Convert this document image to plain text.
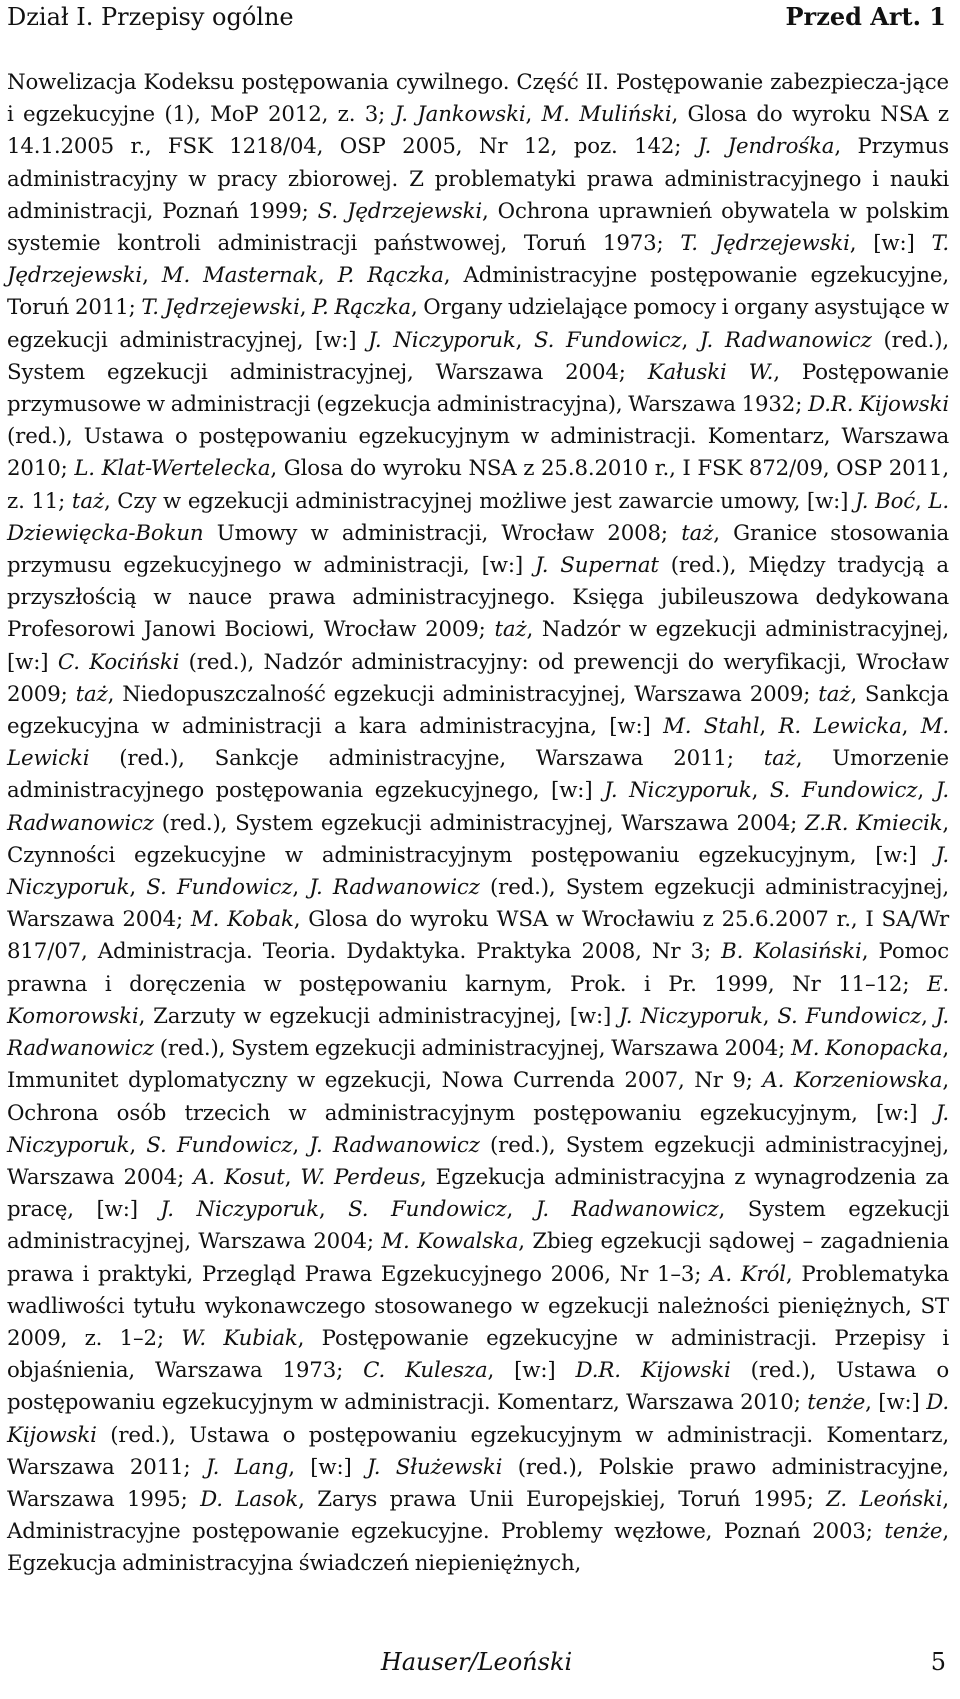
Dział I. Przepisy ogólne	Przed Art. 1
Nowelizacja Kodeksu postępowania cywilnego. Część II. Postępowanie zabezpiecza-jące i egzekucyjne (1), MoP 2012, z. 3; J. Jankowski, M. Muliński, Glosa do wyroku NSA z 14.1.2005 r., FSK 1218/04, OSP 2005, Nr 12, poz. 142; J. Jendrośka, Przymus administracyjny w pracy zbiorowej. Z problematyki prawa administracyjnego i nauki administracji, Poznań 1999; S. Jędrzejewski, Ochrona uprawnień obywatela w polskim systemie kontroli administracji państwowej, Toruń 1973; T. Jędrzejewski, [w:] T. Jędrzejewski, M. Masternak, P. Rączka, Administracyjne postępowanie egzekucyjne, Toruń 2011; T. Jędrzejewski, P. Rączka, Organy udzielające pomocy i organy asystujące w egzekucji administracyjnej, [w:] J. Niczyporuk, S. Fundowicz, J. Radwanowicz (red.), System egzekucji administracyjnej, Warszawa 2004; Kałuski W., Postępowanie przymusowe w administracji (egzekucja administracyjna), Warszawa 1932; D.R. Kijowski (red.), Ustawa o postępowaniu egzekucyjnym w administracji. Komentarz, Warszawa 2010; L. Klat-Wertelecka, Glosa do wyroku NSA z 25.8.2010 r., I FSK 872/09, OSP 2011, z. 11; taż, Czy w egzekucji administracyjnej możliwe jest zawarcie umowy, [w:] J. Boć, L. Dziewięcka-Bokun Umowy w administracji, Wrocław 2008; taż, Granice stosowania przymusu egzekucyjnego w administracji, [w:] J. Supernat (red.), Między tradycją a przyszłością w nauce prawa administracyjnego. Księga jubileuszowa dedykowana Profesorowi Janowi Bociowi, Wrocław 2009; taż, Nadzór w egzekucji administracyjnej, [w:] C. Kociński (red.), Nadzór administracyjny: od prewencji do weryfikacji, Wrocław 2009; taż, Niedopuszczalność egzekucji administracyjnej, Warszawa 2009; taż, Sankcja egzekucyjna w administracji a kara administracyjna, [w:] M. Stahl, R. Lewicka, M. Lewicki (red.), Sankcje administracyjne, Warszawa 2011; taż, Umorzenie administracyjnego postępowania egzekucyjnego, [w:] J. Niczyporuk, S. Fundowicz, J. Radwanowicz (red.), System egzekucji administracyjnej, Warszawa 2004; Z.R. Kmiecik, Czynności egzekucyjne w administracyjnym postępowaniu egzekucyjnym, [w:] J. Niczyporuk, S. Fundowicz, J. Radwanowicz (red.), System egzekucji administracyjnej, Warszawa 2004; M. Kobak, Glosa do wyroku WSA w Wrocławiu z 25.6.2007 r., I SA/Wr 817/07, Administracja. Teoria. Dydaktyka. Praktyka 2008, Nr 3; B. Kolasiński, Pomoc prawna i doręczenia w postępowaniu karnym, Prok. i Pr. 1999, Nr 11–12; E. Komorowski, Zarzuty w egzekucji administracyjnej, [w:] J. Niczyporuk, S. Fundowicz, J. Radwanowicz (red.), System egzekucji administracyjnej, Warszawa 2004; M. Konopacka, Immunitet dyplomatyczny w egzekucji, Nowa Currenda 2007, Nr 9; A. Korzeniowska, Ochrona osób trzecich w administracyjnym postępowaniu egzekucyjnym, [w:] J. Niczyporuk, S. Fundowicz, J. Radwanowicz (red.), System egzekucji administracyjnej, Warszawa 2004; A. Kosut, W. Perdeus, Egzekucja administracyjna z wynagrodzenia za pracę, [w:] J. Niczyporuk, S. Fundowicz, J. Radwanowicz, System egzekucji administracyjnej, Warszawa 2004; M. Kowalska, Zbieg egzekucji sądowej – zagadnienia prawa i praktyki, Przegląd Prawa Egzekucyjnego 2006, Nr 1–3; A. Król, Problematyka wadliwości tytułu wykonawczego stosowanego w egzekucji należności pieniężnych, ST 2009, z. 1–2; W. Kubiak, Postępowanie egzekucyjne w administracji. Przepisy i objaśnienia, Warszawa 1973; C. Kulesza, [w:] D.R. Kijowski (red.), Ustawa o postępowaniu egzekucyjnym w administracji. Komentarz, Warszawa 2010; tenże, [w:] D. Kijowski (red.), Ustawa o postępowaniu egzekucyjnym w administracji. Komentarz, Warszawa 2011; J. Lang, [w:] J. Służewski (red.), Polskie prawo administracyjne, Warszawa 1995; D. Lasok, Zarys prawa Unii Europejskiej, Toruń 1995; Z. Leoński, Administracyjne postępowanie egzekucyjne. Problemy węzłowe, Poznań 2003; tenże, Egzekucja administracyjna świadczeń niepieniężnych,
Hauser/Leoński	5
